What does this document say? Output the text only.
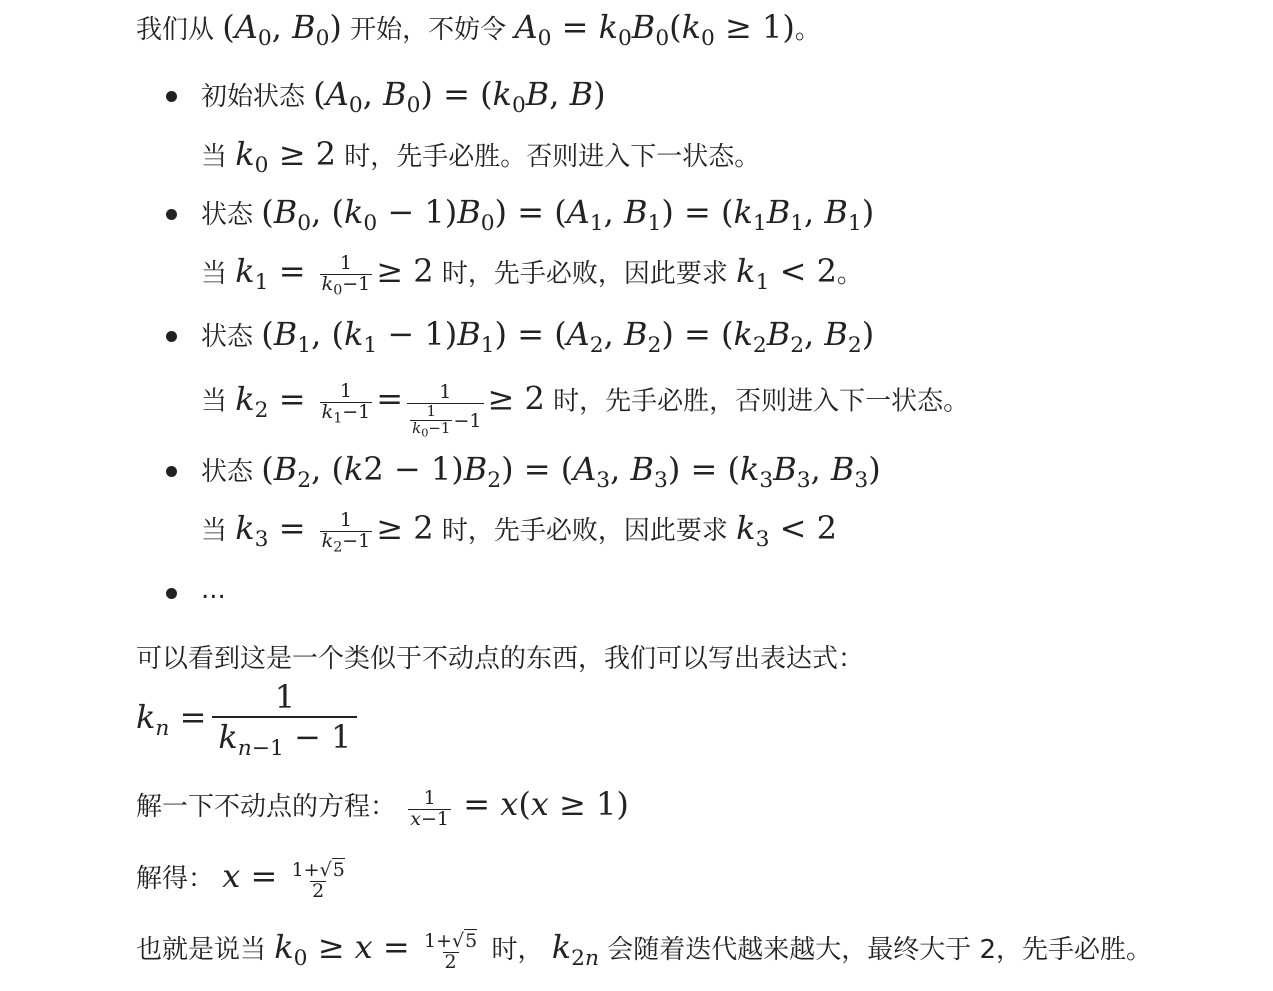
我们从 ($A_0$, $B_0$) 开始，不妨令 $A_0 = k_0B_0(k_0 \ge 1)$。
初始状态 ($A_0$, $B_0) = (k_0B$, B)
当 $k_0 \ge 2$ 时，先手必胜。否则进入下一状态。
状态 ($B_0$, $(k_0 - 1)B_0) = (A_1$, $B_1) = (k_1B_1$, $B_1$)
当 $k_1 = \frac{1}{k_0-1} \ge 2$ 时，先手必败，因此要求 $k_1 < 2$。
状态 ($B_1$, $(k_1 - 1)B_1) = (A_2$, $B_2) = (k_2B_2$, $B_2$)
当 $k_2 = \frac{1}{k_1-1} = \frac{1}{\frac{1}{k_0-1} -1} \ge 2$ 时，先手必胜，否则进入下一状态。
状态 ($B_2$, $(k2 - 1)B_2) = (A_3$, $B_3) = (k_3B_3$, $B_3$)
当 $k_3 = \frac{1}{k_2-1} \ge 2$ 时，先手必败，因此要求 $k_3 < 2$
...
可以看到这是一个类似于不动点的东西，我们可以写出表达式：
$k_n = \frac{1}{k_{n-1} - 1}$
解一下不动点的方程： $\frac{1}{x-1} = x(x \ge 1)$
解得： $x = \frac{1+√5}{2}$
也就是说当 $k_0 \ge x = \frac{1+√5}{2}$ 时， $k_{2n}$ 会随着迭代越来越大，最终大于 2，先手必胜。
